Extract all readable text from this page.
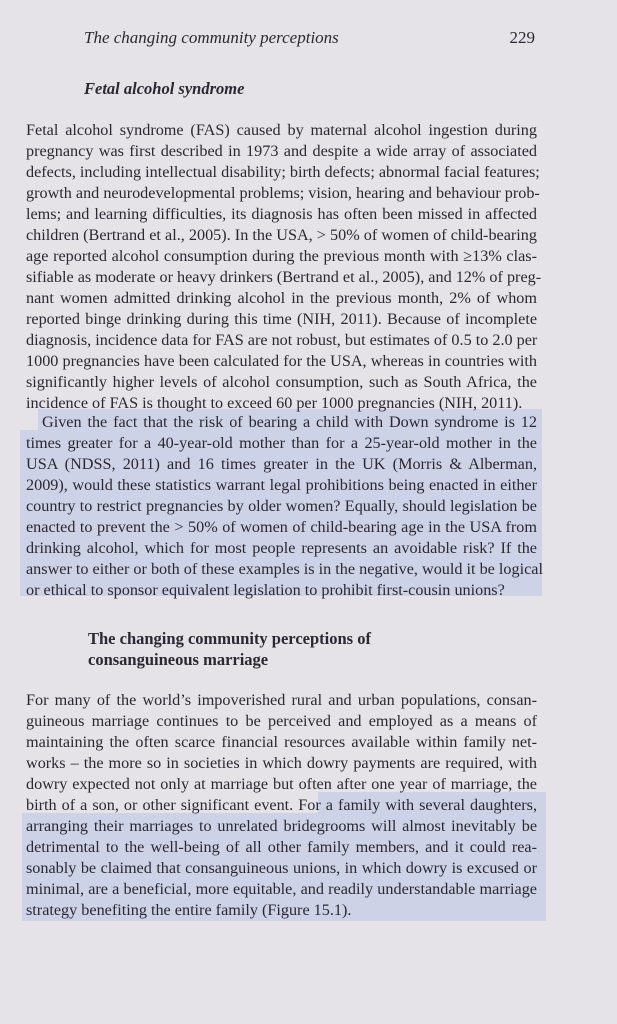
The changing community perceptions	229
Fetal alcohol syndrome
Fetal alcohol syndrome (FAS) caused by maternal alcohol ingestion during
pregnancy was first described in 1973 and despite a wide array of associated
defects, including intellectual disability; birth defects; abnormal facial features;
growth and neurodevelopmental problems; vision, hearing and behaviour prob-
lems; and learning difficulties, its diagnosis has often been missed in affected
children (Bertrand et al., 2005). In the USA, > 50% of women of child-bearing
age reported alcohol consumption during the previous month with ≥13% clas-
sifiable as moderate or heavy drinkers (Bertrand et al., 2005), and 12% of preg-
nant women admitted drinking alcohol in the previous month, 2% of whom
reported binge drinking during this time (NIH, 2011). Because of incomplete
diagnosis, incidence data for FAS are not robust, but estimates of 0.5 to 2.0 per
1000 pregnancies have been calculated for the USA, whereas in countries with
significantly higher levels of alcohol consumption, such as South Africa, the
incidence of FAS is thought to exceed 60 per 1000 pregnancies (NIH, 2011).
Given the fact that the risk of bearing a child with Down syndrome is 12
times greater for a 40-year-old mother than for a 25-year-old mother in the
USA (NDSS, 2011) and 16 times greater in the UK (Morris & Alberman,
2009), would these statistics warrant legal prohibitions being enacted in either
country to restrict pregnancies by older women? Equally, should legislation be
enacted to prevent the > 50% of women of child-bearing age in the USA from
drinking alcohol, which for most people represents an avoidable risk? If the
answer to either or both of these examples is in the negative, would it be logical
or ethical to sponsor equivalent legislation to prohibit first-cousin unions?
The changing community perceptions of
consanguineous marriage
For many of the world’s impoverished rural and urban populations, consan-
guineous marriage continues to be perceived and employed as a means of
maintaining the often scarce financial resources available within family net-
works – the more so in societies in which dowry payments are required, with
dowry expected not only at marriage but often after one year of marriage, the
birth of a son, or other significant event. For a family with several daughters,
arranging their marriages to unrelated bridegrooms will almost inevitably be
detrimental to the well-being of all other family members, and it could rea-
sonably be claimed that consanguineous unions, in which dowry is excused or
minimal, are a beneficial, more equitable, and readily understandable marriage
strategy benefiting the entire family (Figure 15.1).
